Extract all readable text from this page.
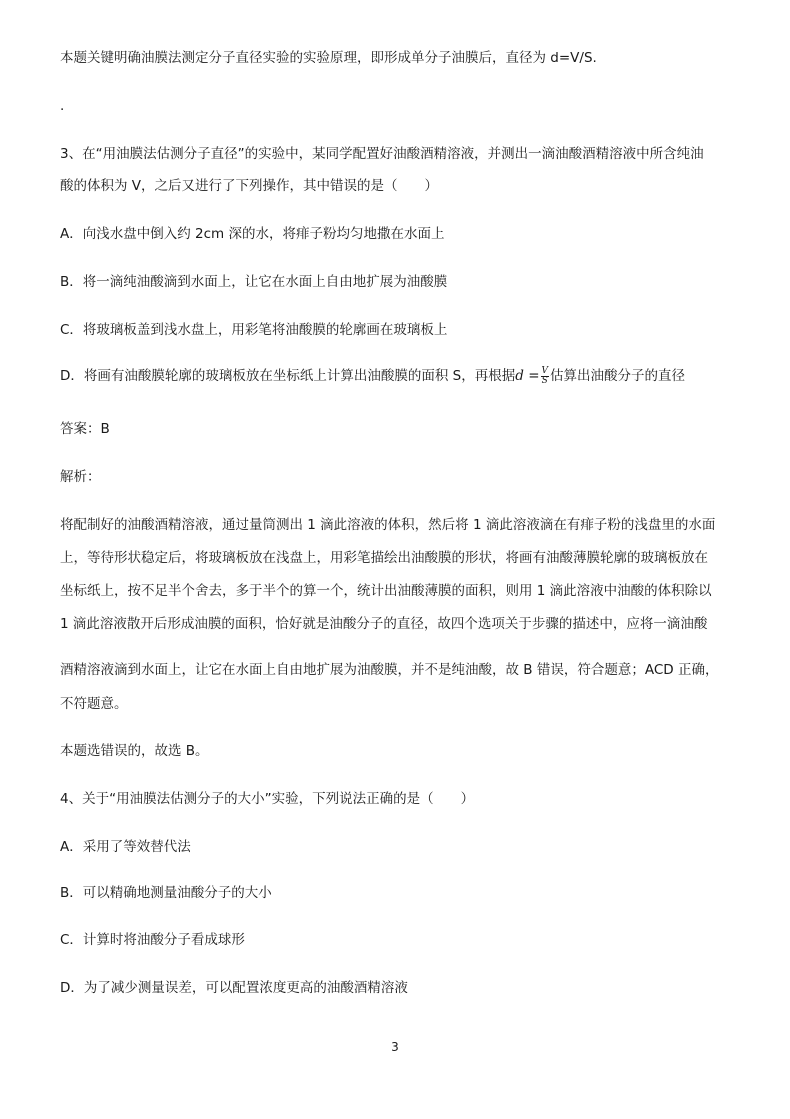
本题关键明确油膜法测定分子直径实验的实验原理，即形成单分子油膜后，直径为 d=V/S.
.
3、在“用油膜法估测分子直径”的实验中，某同学配置好油酸酒精溶液，并测出一滴油酸酒精溶液中所含纯油
酸的体积为 V，之后又进行了下列操作，其中错误的是（　　）
A．向浅水盘中倒入约 2cm 深的水，将痱子粉均匀地撒在水面上
B．将一滴纯油酸滴到水面上，让它在水面上自由地扩展为油酸膜
C．将玻璃板盖到浅水盘上，用彩笔将油酸膜的轮廓画在玻璃板上
D．将画有油酸膜轮廓的玻璃板放在坐标纸上计算出油酸膜的面积 S，再根据$d = \frac{V}{S}$ 估算出油酸分子的直径
答案：B
解析：
将配制好的油酸酒精溶液，通过量筒测出 1 滴此溶液的体积，然后将 1 滴此溶液滴在有痱子粉的浅盘里的水面
上，等待形状稳定后，将玻璃板放在浅盘上，用彩笔描绘出油酸膜的形状，将画有油酸薄膜轮廓的玻璃板放在
坐标纸上，按不足半个舍去，多于半个的算一个，统计出油酸薄膜的面积，则用 1 滴此溶液中油酸的体积除以
1 滴此溶液散开后形成油膜的面积，恰好就是油酸分子的直径，故四个选项关于步骤的描述中，应将一滴油酸
酒精溶液滴到水面上，让它在水面上自由地扩展为油酸膜，并不是纯油酸，故 B 错误，符合题意；ACD 正确，
不符题意。
本题选错误的，故选 B。
4、关于“用油膜法估测分子的大小”实验，下列说法正确的是（　　）
A．采用了等效替代法
B．可以精确地测量油酸分子的大小
C．计算时将油酸分子看成球形
D．为了减少测量误差，可以配置浓度更高的油酸酒精溶液
3
